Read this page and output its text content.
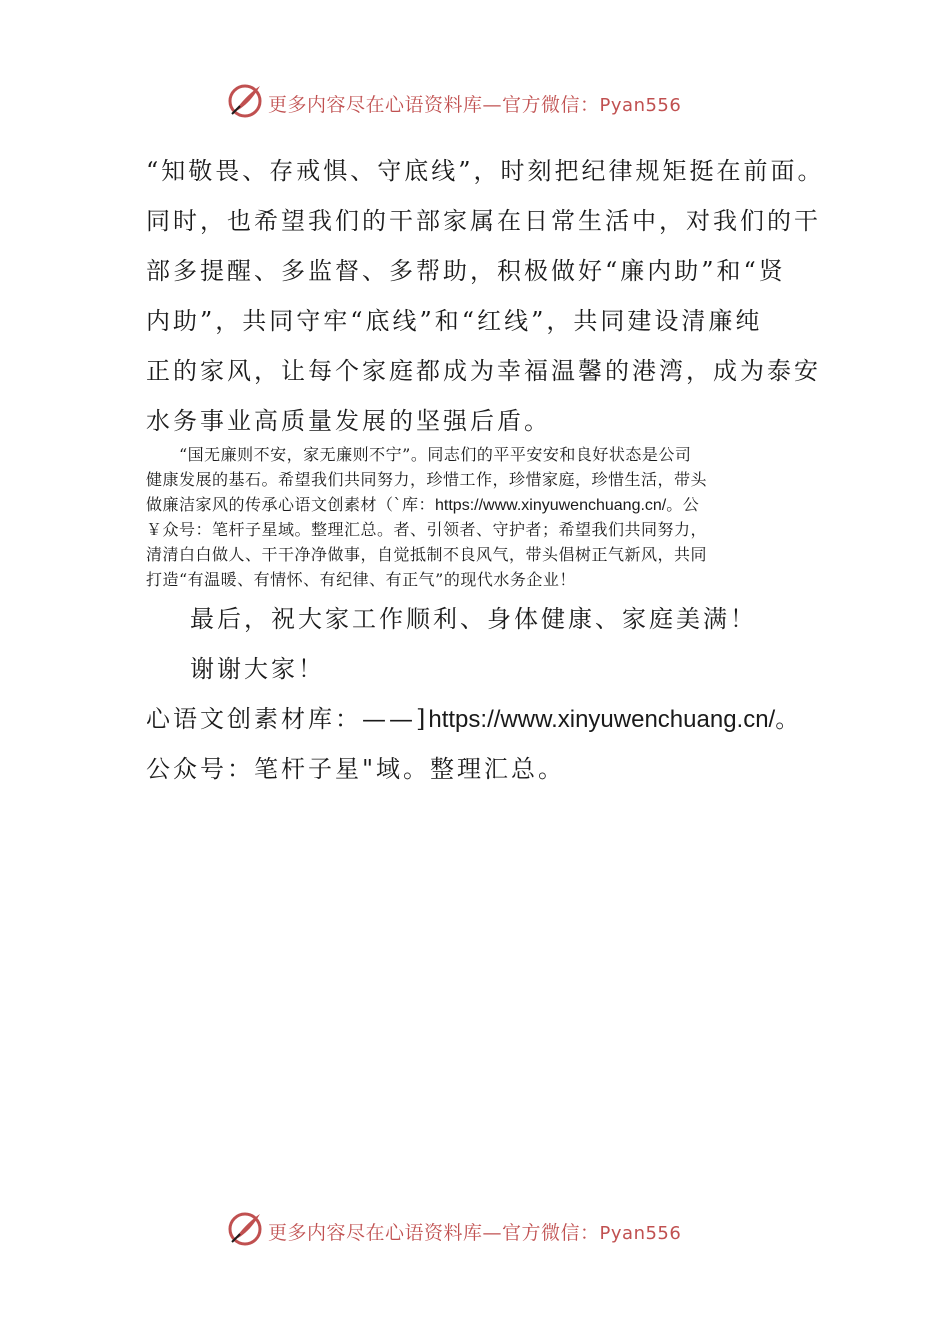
更多内容尽在心语资料库—官方微信：Pyan556
“知敬畏、存戒惧、守底线”，时刻把纪律规矩挺在前面。
同时，也希望我们的干部家属在日常生活中，对我们的干
部多提醒、多监督、多帮助，积极做好“廉内助”和“贤
内助”，共同守牢“底线”和“红线”，共同建设清廉纯
正的家风，让每个家庭都成为幸福温馨的港湾，成为泰安
水务事业高质量发展的坚强后盾。
　　“国无廉则不安，家无廉则不宁”。同志们的平平安安和良好状态是公司
健康发展的基石。希望我们共同努力，珍惜工作，珍惜家庭，珍惜生活，带头
做廉洁家风的传承心语文创素材（`库：https://www.xinyuwenchuang.cn/。公
￥众号：笔杆子星域。整理汇总。者、引领者、守护者；希望我们共同努力，
清清白白做人、干干净净做事，自觉抵制不良风气，带头倡树正气新风，共同
打造“有温暖、有情怀、有纪律、有正气”的现代水务企业！
最后，祝大家工作顺利、身体健康、家庭美满！
谢谢大家！
心语文创素材库：——]https://www.xinyuwenchuang.cn/。
公众号：笔杆子星"域。整理汇总。
更多内容尽在心语资料库—官方微信：Pyan556
